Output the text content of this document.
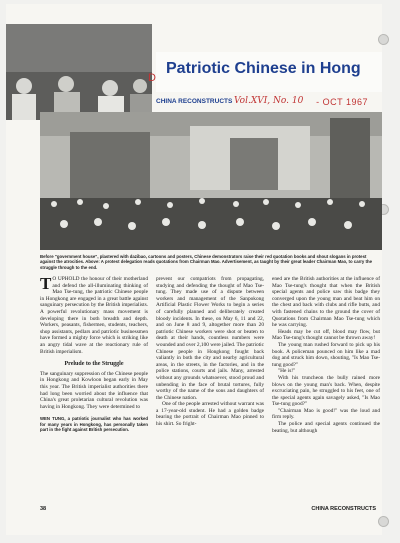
D
Patriotic Chinese in Hong
CHINA RECONSTRUCTS Vol.XVI, No. 10 - OCT 1967
Before "government house", plastered with dazibao, cartoons and posters, Chinese demonstrators raise their red quotation books and shout slogans in protest against the atrocities. Above: A protest delegation reads quotations from Chairman Mao. Advertisement, as taught by their great leader Chairman Mao, to carry the struggle through to the end.

T O UPHOLD the honour of their motherland and defend the all-illuminating thinking of Mao Tse-tung, the patriotic Chinese people in Hongkong are engaged in a great battle against sanguinary persecution by the British imperialists. A powerful revolutionary mass movement is developing there in both breadth and depth. Workers, peasants, fishermen, students, teachers, shop assistants, pedlars and patriotic businessmen have formed a mighty force which is striking like an angry tidal wave at the reactionary rule of British imperialism.

Prelude to the Struggle

The sanguinary suppression of the Chinese people in Hongkong and Kowloon began early in May this year. The British imperialist authorities there had long been worried about the influence that China's great proletarian cultural revolution was having in Hongkong. They were determined to

WEN TUNG, a patriotic journalist who has worked for many years in Hongkong, has personally taken part in the fight against British persecution.

prevent our compatriots from propagating, studying and defending the thought of Mao Tse-tung. They made use of a dispute between workers and management of the Sanpokong Artificial Plastic Flower Works to begin a series of carefully planned and deliberately created bloody incidents. In these, on May 6, 11 and 22, and on June 8 and 9, altogether more than 20 patriotic Chinese workers were shot or beaten to death at their hands, countless numbers were wounded and over 2,100 were jailed. The patriotic Chinese people in Hongkong fought back valiantly in both the city and nearby agricultural areas, in the streets, in the factories, and in the police stations, courts and jails. Many, arrested without any grounds whatsoever, stood proud and unbending in the face of brutal tortures, fully worthy of the name of the sons and daughters of the Chinese nation.

One of the people arrested without warrant was a 17-year-old student. He had a golden badge bearing the portrait of Chairman Mao pinned to his shirt. So fright-

ened are the British authorities at the influence of Mao Tse-tung's thought that when the British special agents and police saw this badge they converged upon the young man and beat him on the chest and back with clubs and rifle butts, and with fastened chains to the ground the cover of Quotations from Chairman Mao Tse-tung which he was carrying.

Heads may be cut off, blood may flow, but Mao Tse-tung's thought cannot be thrown away!

The young man rushed forward to pick up his book. A policeman pounced on him like a mad dog and struck him down, shouting, "Is Mao Tse-tung good?"

"He is!"

With his truncheon the bully rained more blows on the young man's back. When, despite excruciating pain, he struggled to his feet, one of the special agents again savagely asked, "Is Mao Tse-tung good?"

"Chairman Mao is good!" was the loud and firm reply.

The police and special agents continued the beating, but although

38	CHINA RECONSTRUCTS
